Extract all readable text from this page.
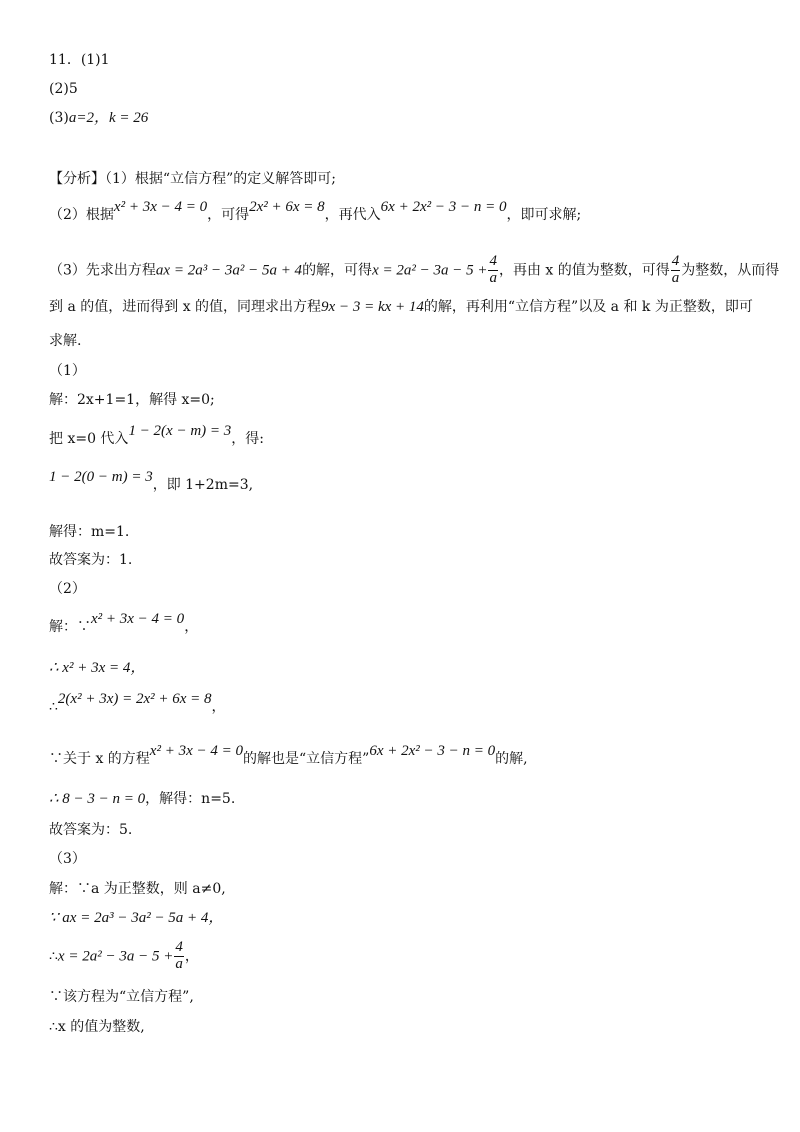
11．(1)1
(2)5
(3)a=2，k = 26
【分析】（1）根据“立信方程”的定义解答即可;
（2）根据x² + 3x − 4 = 0，可得2x² + 6x = 8，再代入6x + 2x² − 3 − n = 0，即可求解;
（3）先求出方程ax = 2a³ − 3a² − 5a + 4的解，可得$x = 2a^2 - 3a - 5 + \frac{4}{a}$ ，再由 x 的值为整数，可得 $\frac{4}{a}$ 为整数，从而得
到 a 的值，进而得到 x 的值，同理求出方程9x − 3 = kx + 14的解，再利用“立信方程”以及 a 和 k 为正整数，即可
求解.
（1）
解：2x+1=1，解得 x=0;
把 x=0 代入1 − 2(x − m) = 3，得:
1 − 2(0 − m) = 3，即 1+2m=3,
解得：m=1.
故答案为：1.
（2）
解：∵x² + 3x − 4 = 0，
∴ x² + 3x = 4，
∴2(x² + 3x) = 2x² + 6x = 8，
∵关于 x 的方程x² + 3x − 4 = 0的解也是“立信方程”6x + 2x² − 3 − n = 0的解,
∴ 8 − 3 − n = 0，解得：n=5.
故答案为：5.
（3）
解：∵a 为正整数，则 a≠0,
∵ ax = 2a³ − 3a² − 5a + 4，
∴x = $2a^2 - 3a - 5 + \frac{4}{a}$ ，
∵该方程为“立信方程”,
∴x 的值为整数,
